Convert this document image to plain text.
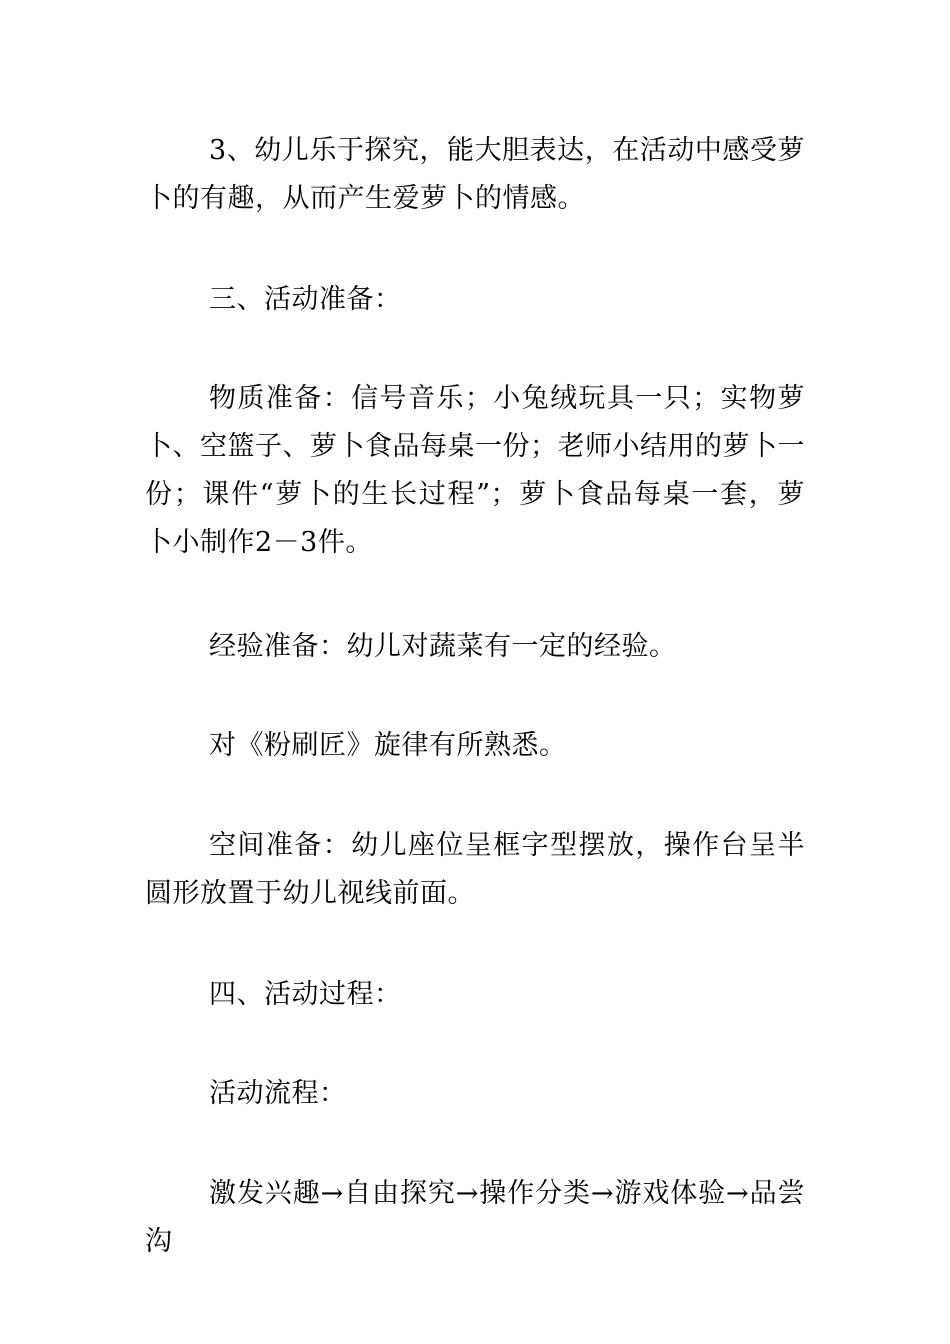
3、幼儿乐于探究，能大胆表达，在活动中感受萝卜的有趣，从而产生爱萝卜的情感。

三、活动准备：

物质准备：信号音乐；小兔绒玩具一只；实物萝卜、空篮子、萝卜食品每桌一份；老师小结用的萝卜一份；课件“萝卜的生长过程”；萝卜食品每桌一套，萝卜小制作2－3件。

经验准备：幼儿对蔬菜有一定的经验。

对《粉刷匠》旋律有所熟悉。

空间准备：幼儿座位呈框字型摆放，操作台呈半圆形放置于幼儿视线前面。

四、活动过程：

活动流程：

激发兴趣→自由探究→操作分类→游戏体验→品尝沟
